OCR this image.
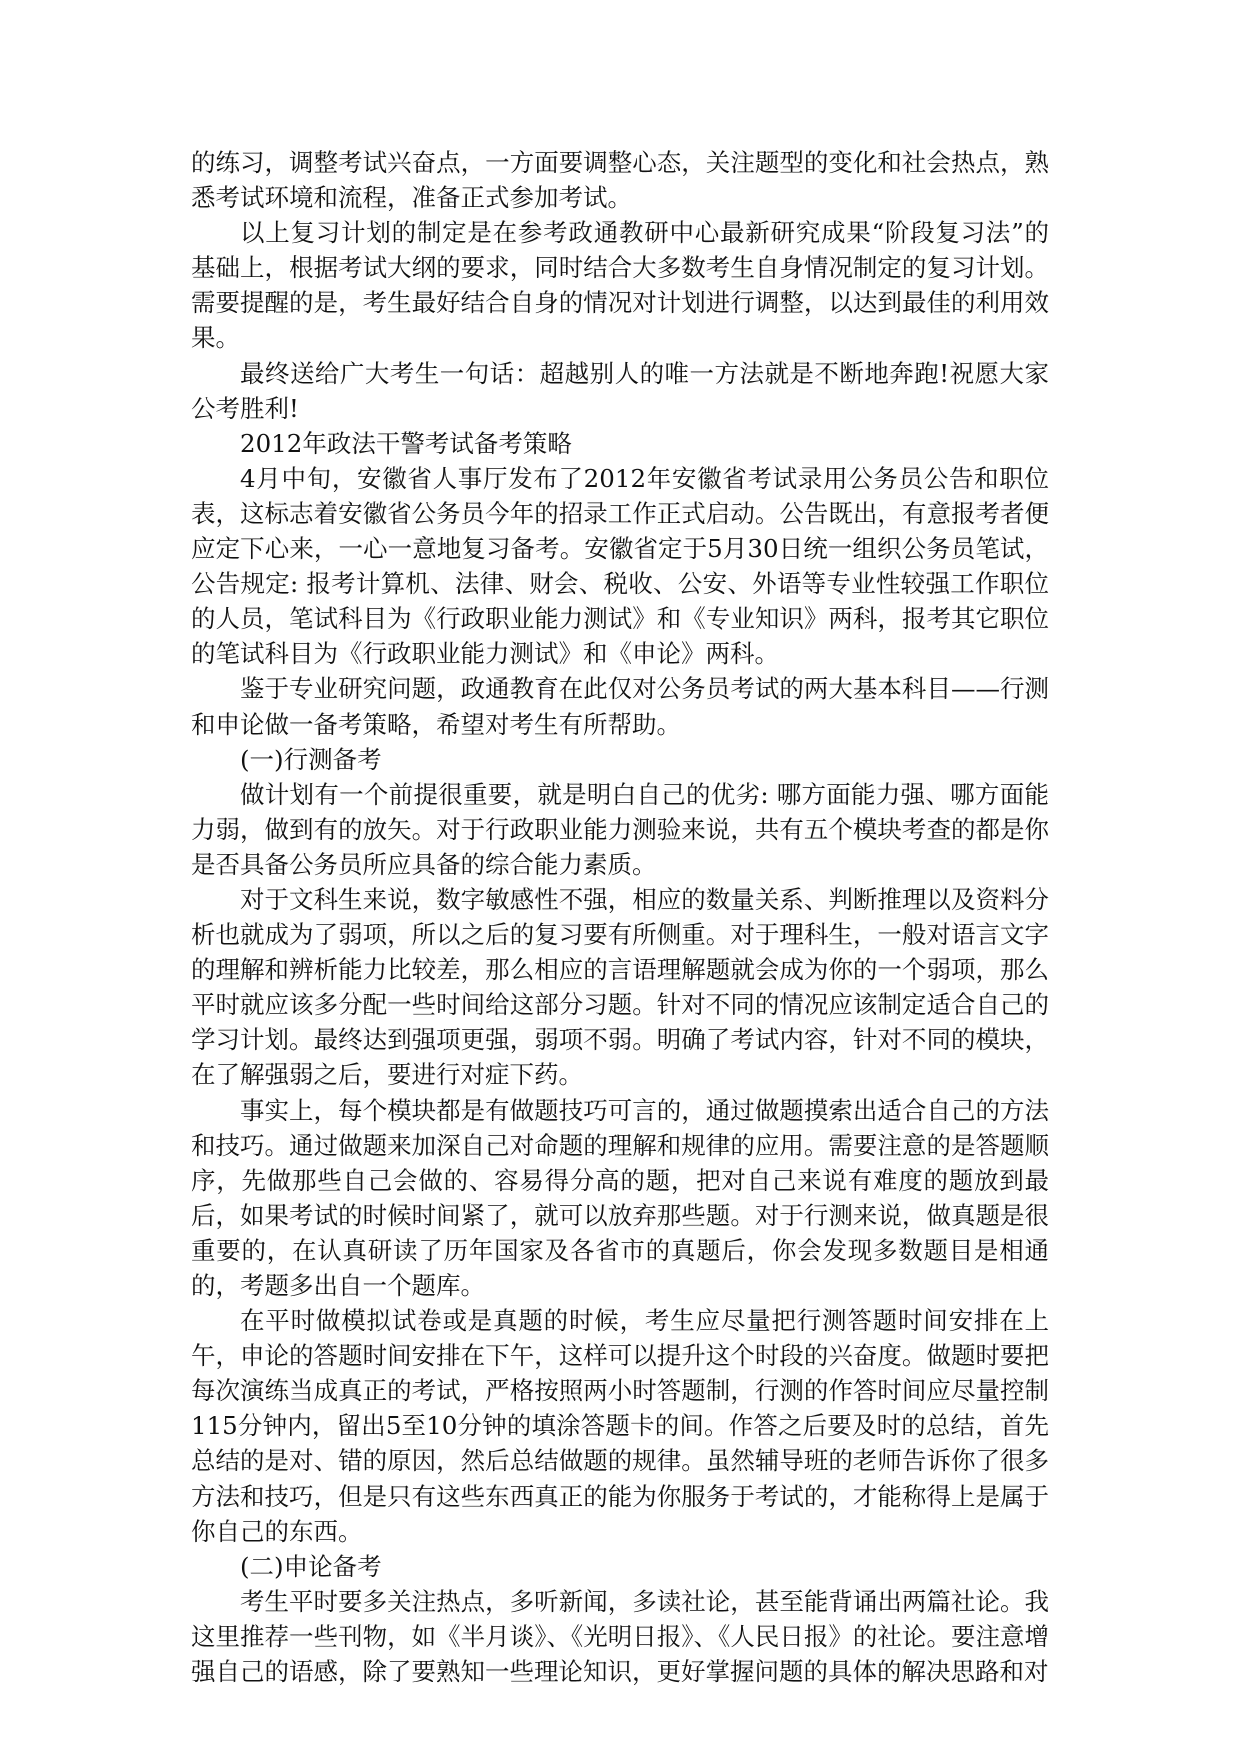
的练习，调整考试兴奋点，一方面要调整心态，关注题型的变化和社会热点，熟悉考试环境和流程，准备正式参加考试。

以上复习计划的制定是在参考政通教研中心最新研究成果“阶段复习法”的基础上，根据考试大纲的要求，同时结合大多数考生自身情况制定的复习计划。需要提醒的是，考生最好结合自身的情况对计划进行调整，以达到最佳的利用效果。

最终送给广大考生一句话：超越别人的唯一方法就是不断地奔跑!祝愿大家公考胜利!

2012年政法干警考试备考策略

4月中旬，安徽省人事厅发布了2012年安徽省考试录用公务员公告和职位表，这标志着安徽省公务员今年的招录工作正式启动。公告既出，有意报考者便应定下心来，一心一意地复习备考。安徽省定于5月30日统一组织公务员笔试，公告规定: 报考计算机、法律、财会、税收、公安、外语等专业性较强工作职位的人员，笔试科目为《行政职业能力测试》和《专业知识》两科，报考其它职位的笔试科目为《行政职业能力测试》和《申论》两科。

鉴于专业研究问题，政通教育在此仅对公务员考试的两大基本科目——行测和申论做一备考策略，希望对考生有所帮助。

(一)行测备考

做计划有一个前提很重要，就是明白自己的优劣: 哪方面能力强、哪方面能力弱，做到有的放矢。对于行政职业能力测验来说，共有五个模块考查的都是你是否具备公务员所应具备的综合能力素质。

对于文科生来说，数字敏感性不强，相应的数量关系、判断推理以及资料分析也就成为了弱项，所以之后的复习要有所侧重。对于理科生，一般对语言文字的理解和辨析能力比较差，那么相应的言语理解题就会成为你的一个弱项，那么平时就应该多分配一些时间给这部分习题。针对不同的情况应该制定适合自己的学习计划。最终达到强项更强，弱项不弱。明确了考试内容，针对不同的模块，在了解强弱之后，要进行对症下药。

事实上，每个模块都是有做题技巧可言的，通过做题摸索出适合自己的方法和技巧。通过做题来加深自己对命题的理解和规律的应用。需要注意的是答题顺序，先做那些自己会做的、容易得分高的题，把对自己来说有难度的题放到最后，如果考试的时候时间紧了，就可以放弃那些题。对于行测来说，做真题是很重要的，在认真研读了历年国家及各省市的真题后，你会发现多数题目是相通的，考题多出自一个题库。

在平时做模拟试卷或是真题的时候，考生应尽量把行测答题时间安排在上午，申论的答题时间安排在下午，这样可以提升这个时段的兴奋度。做题时要把每次演练当成真正的考试，严格按照两小时答题制，行测的作答时间应尽量控制115分钟内，留出5至10分钟的填涂答题卡的间。作答之后要及时的总结，首先总结的是对、错的原因，然后总结做题的规律。虽然辅导班的老师告诉你了很多方法和技巧，但是只有这些东西真正的能为你服务于考试的，才能称得上是属于你自己的东西。

(二)申论备考

考生平时要多关注热点，多听新闻，多读社论，甚至能背诵出两篇社论。我这里推荐一些刊物，如《半月谈》、《光明日报》、《人民日报》的社论。要注意增强自己的语感，除了要熟知一些理论知识，更好掌握问题的具体的解决思路和对
